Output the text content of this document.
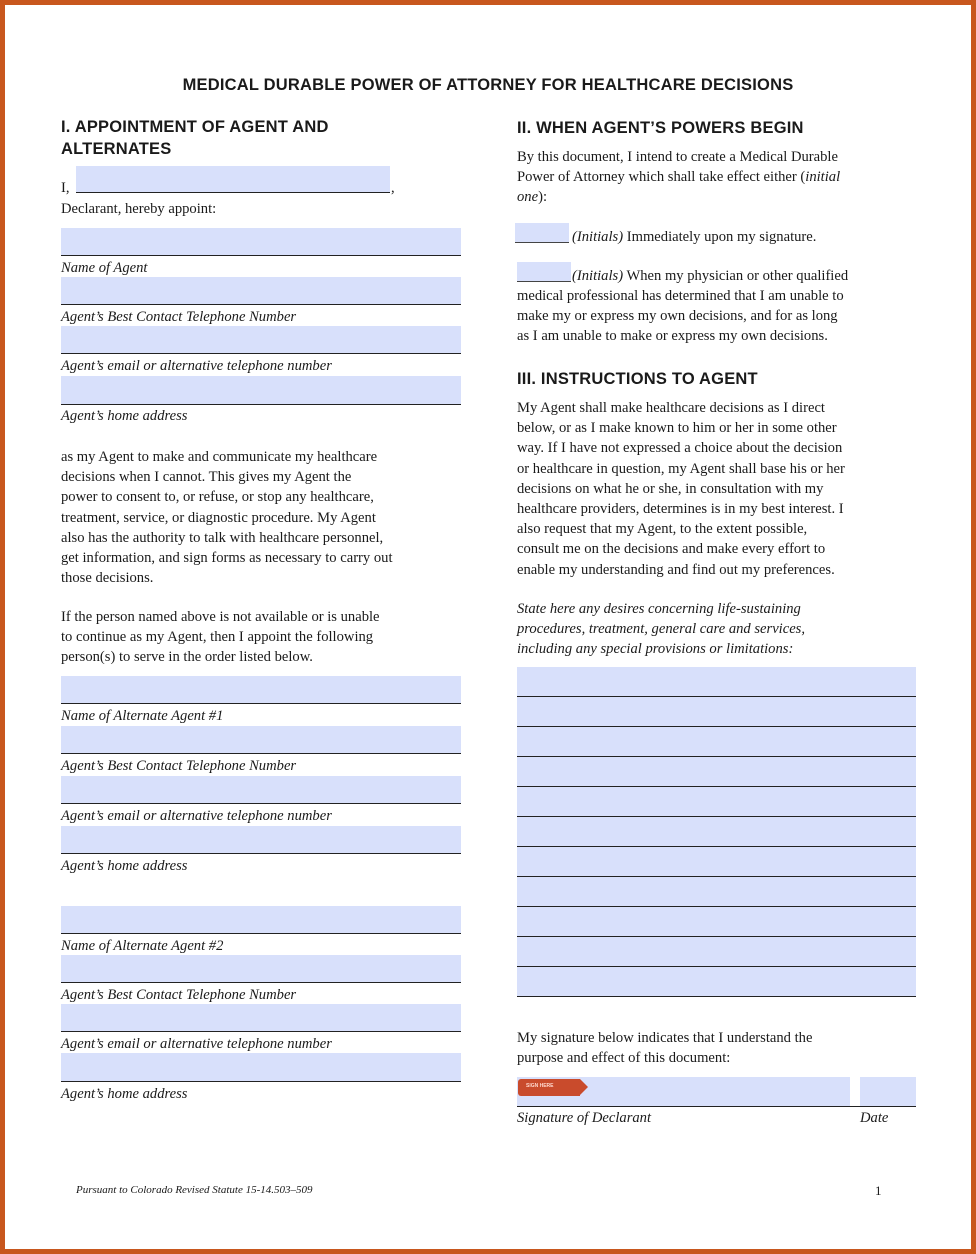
MEDICAL DURABLE POWER OF ATTORNEY FOR HEALTHCARE DECISIONS
I. APPOINTMENT OF AGENT AND
ALTERNATES
I,	,
Declarant, hereby appoint:
Name of Agent
Agent’s Best Contact Telephone Number
Agent’s email or alternative telephone number
Agent’s home address
as my Agent to make and communicate my healthcare
decisions when I cannot. This gives my Agent the
power to consent to, or refuse, or stop any healthcare,
treatment, service, or diagnostic procedure. My Agent
also has the authority to talk with healthcare personnel,
get information, and sign forms as necessary to carry out
those decisions.
If the person named above is not available or is unable
to continue as my Agent, then I appoint the following
person(s) to serve in the order listed below.
Name of Alternate Agent #1
Agent’s Best Contact Telephone Number
Agent’s email or alternative telephone number
Agent’s home address
Name of Alternate Agent #2
Agent’s Best Contact Telephone Number
Agent’s email or alternative telephone number
Agent’s home address
II. WHEN AGENT’S POWERS BEGIN
By this document, I intend to create a Medical Durable
Power of Attorney which shall take effect either (initial
one):
(Initials) Immediately upon my signature.
(Initials) When my physician or other qualified
medical professional has determined that I am unable to
make my or express my own decisions, and for as long
as I am unable to make or express my own decisions.
III. INSTRUCTIONS TO AGENT
My Agent shall make healthcare decisions as I direct
below, or as I make known to him or her in some other
way. If I have not expressed a choice about the decision
or healthcare in question, my Agent shall base his or her
decisions on what he or she, in consultation with my
healthcare providers, determines is in my best interest. I
also request that my Agent, to the extent possible,
consult me on the decisions and make every effort to
enable my understanding and find out my preferences.
State here any desires concerning life-sustaining
procedures, treatment, general care and services,
including any special provisions or limitations:
My signature below indicates that I understand the
purpose and effect of this document:
SIGN HERE
Signature of Declarant	Date
Pursuant to Colorado Revised Statute 15-14.503–509	1
